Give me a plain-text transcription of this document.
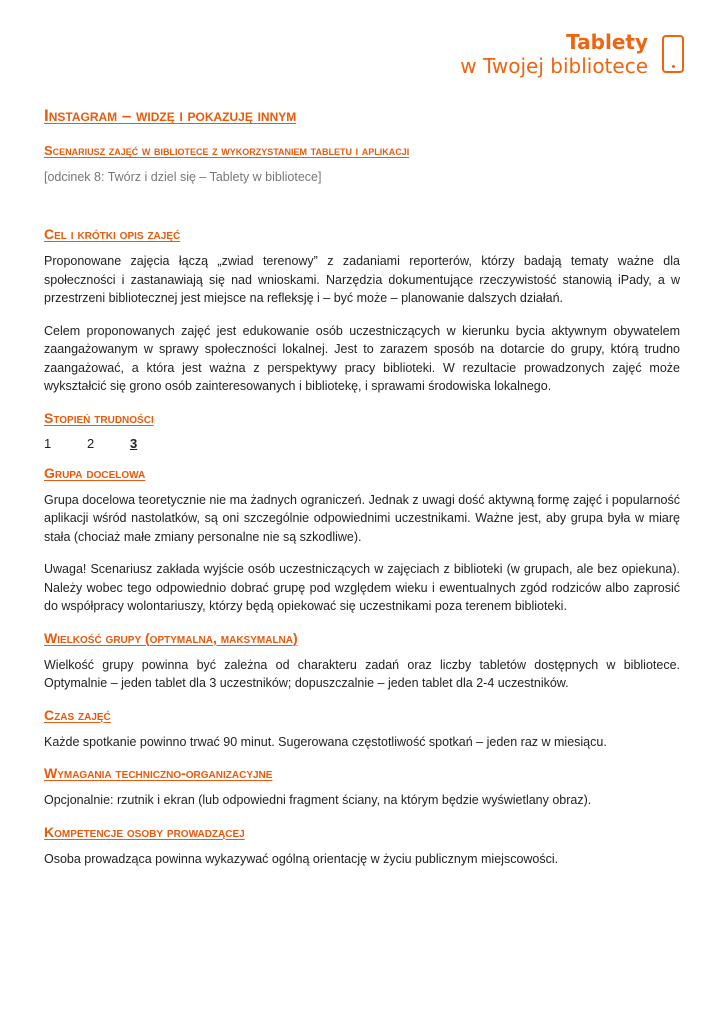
Tablety
w Twojej bibliotece
Instagram – widzę i pokazuję innym
Scenariusz zajęć w bibliotece z wykorzystaniem tabletu i aplikacji
[odcinek 8: Twórz i dziel się – Tablety w bibliotece]
Cel i krótki opis zajęć

Proponowane zajęcia łączą „zwiad terenowy” z zadaniami reporterów, którzy badają tematy ważne dla społeczności i zastanawiają się nad wnioskami. Narzędzia dokumentujące rzeczywistość stanowią iPady, a w przestrzeni bibliotecznej jest miejsce na refleksję i – być może – planowanie dalszych działań.

Celem proponowanych zajęć jest edukowanie osób uczestniczących w kierunku bycia aktywnym obywatelem zaangażowanym w sprawy społeczności lokalnej. Jest to zarazem sposób na dotarcie do grupy, którą trudno zaangażować, a która jest ważna z perspektywy pracy biblioteki. W rezultacie prowadzonych zajęć może wykształcić się grono osób zainteresowanych i bibliotekę, i sprawami środowiska lokalnego.

Stopień trudności
1	2	3
Grupa docelowa

Grupa docelowa teoretycznie nie ma żadnych ograniczeń. Jednak z uwagi dość aktywną formę zajęć i popularność aplikacji wśród nastolatków, są oni szczególnie odpowiednimi uczestnikami. Ważne jest, aby grupa była w miarę stała (chociaż małe zmiany personalne nie są szkodliwe).

Uwaga! Scenariusz zakłada wyjście osób uczestniczących w zajęciach z biblioteki (w grupach, ale bez opiekuna). Należy wobec tego odpowiednio dobrać grupę pod względem wieku i ewentualnych zgód rodziców albo zaprosić do współpracy wolontariuszy, którzy będą opiekować się uczestnikami poza terenem biblioteki.

Wielkość grupy (optymalna, maksymalna)

Wielkość grupy powinna być zależna od charakteru zadań oraz liczby tabletów dostępnych w bibliotece. Optymalnie – jeden tablet dla 3 uczestników; dopuszczalnie – jeden tablet dla 2-4 uczestników.

Czas zajęć

Każde spotkanie powinno trwać 90 minut. Sugerowana częstotliwość spotkań – jeden raz w miesiącu.

Wymagania techniczno-organizacyjne

Opcjonalnie: rzutnik i ekran (lub odpowiedni fragment ściany, na którym będzie wyświetlany obraz).

Kompetencje osoby prowadzącej

Osoba prowadząca powinna wykazywać ogólną orientację w życiu publicznym miejscowości.
